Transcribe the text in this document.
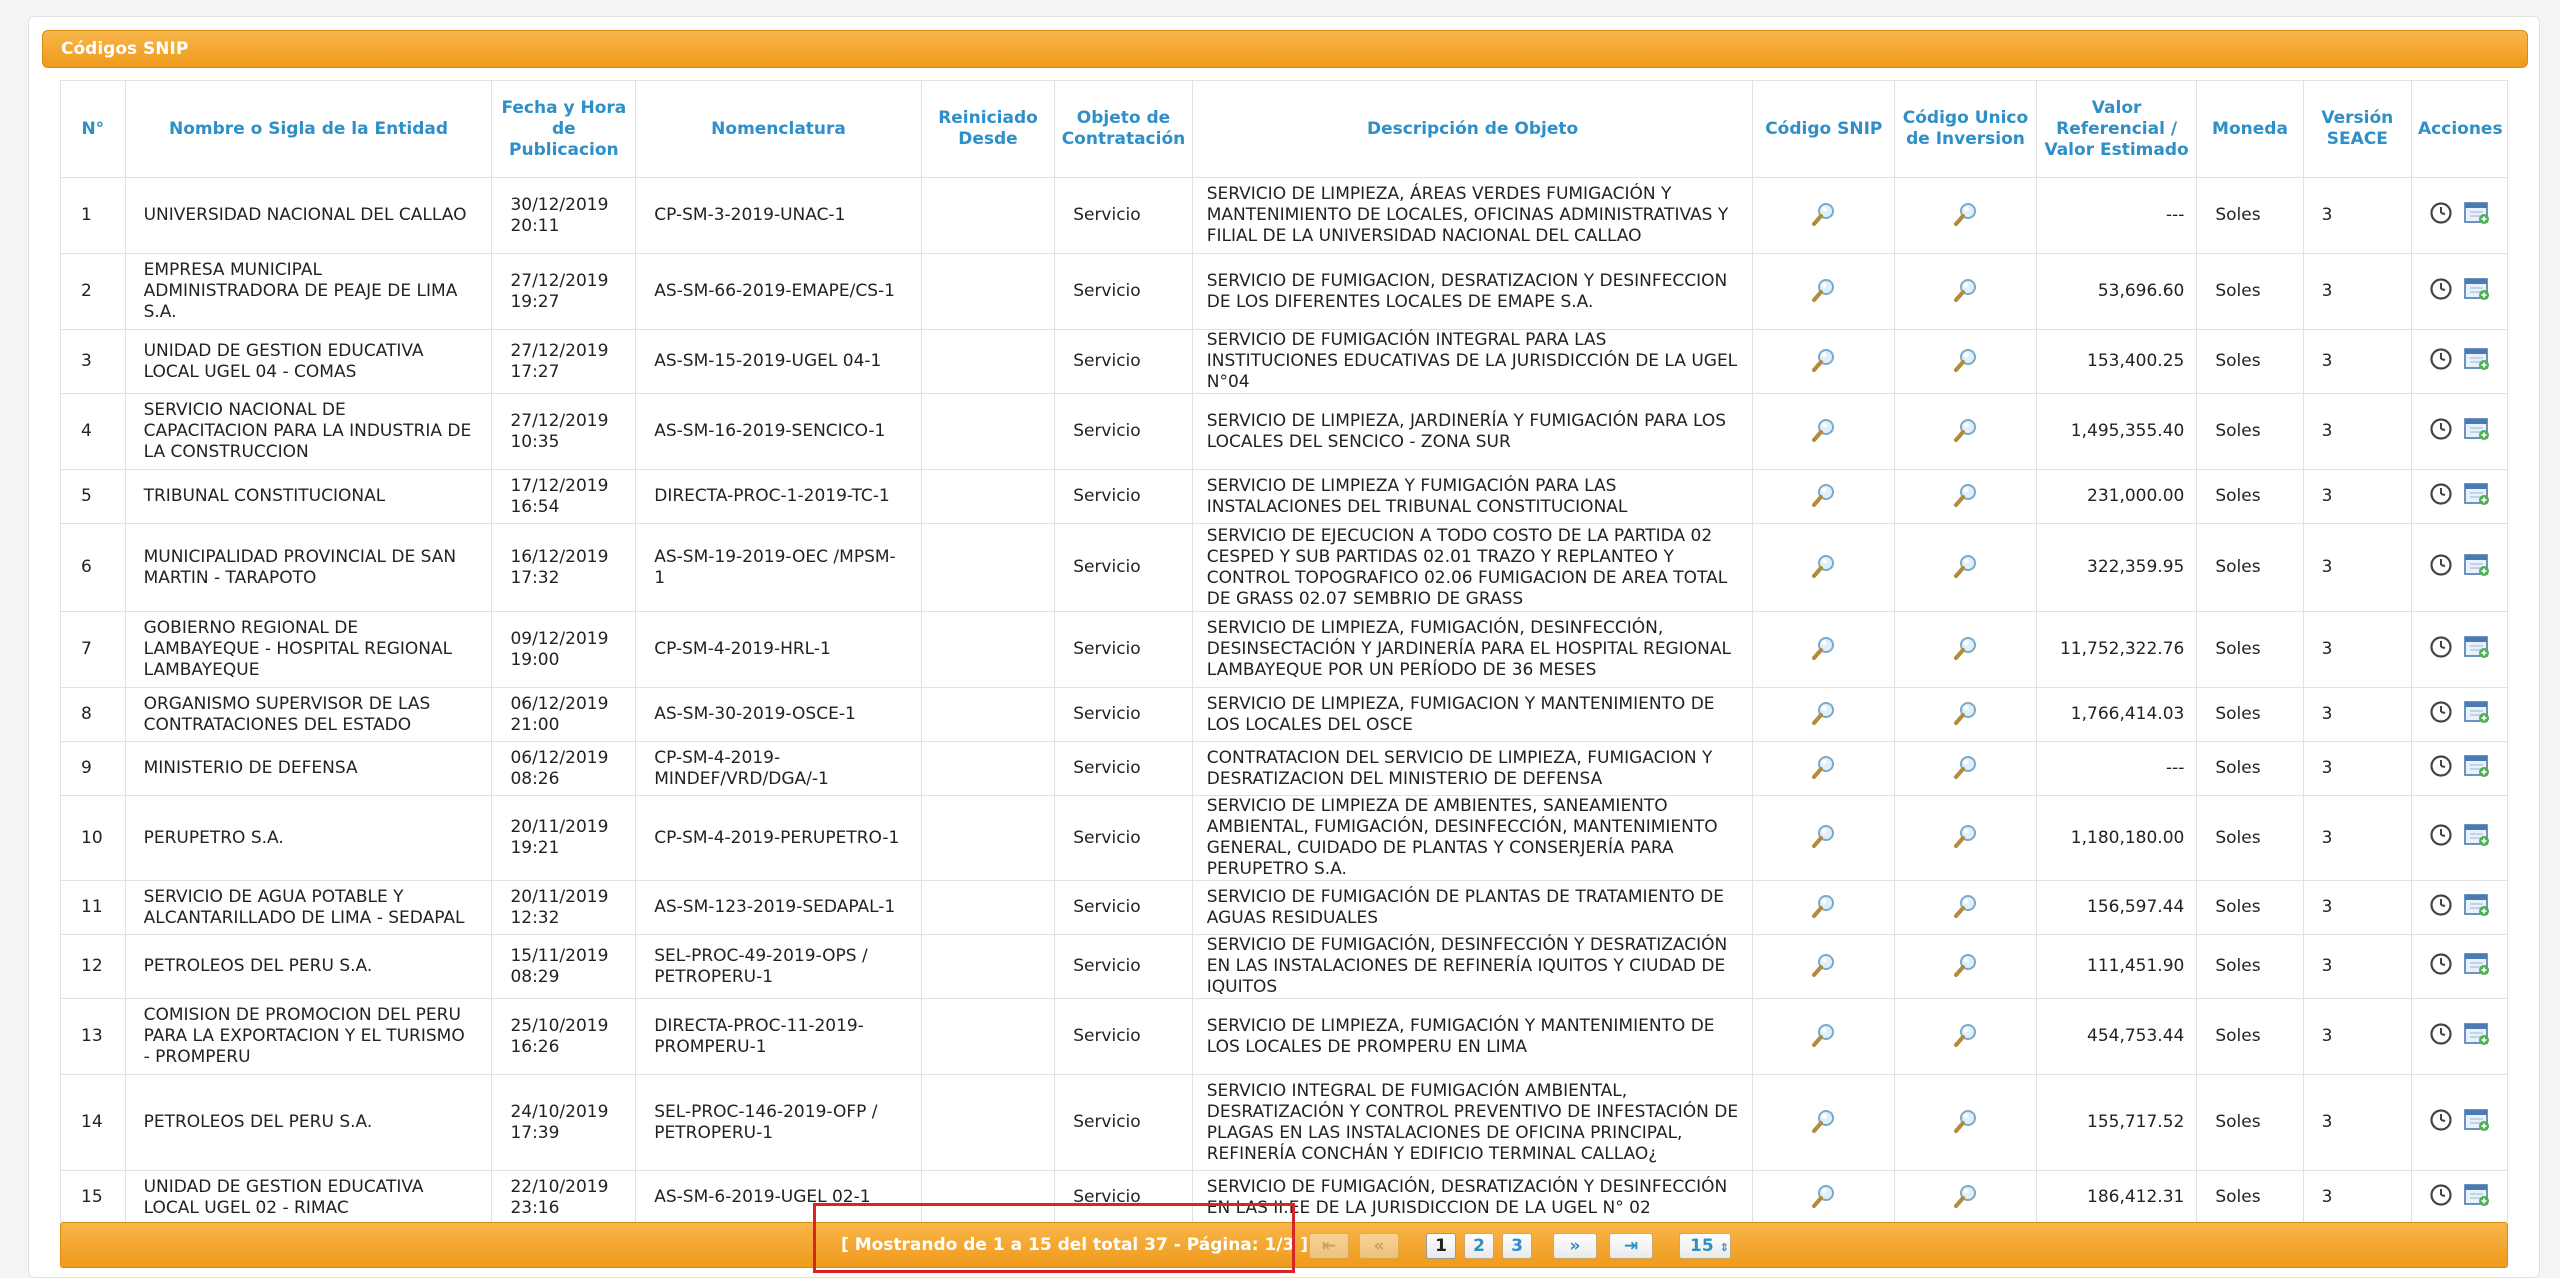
Códigos SNIP
N°	Nombre o Sigla de la Entidad	Fecha y Hora de Publicacion	Nomenclatura	Reiniciado Desde	Objeto de Contratación	Descripción de Objeto	Código SNIP	Código Unico de Inversion	Valor Referencial / Valor Estimado	Moneda	Versión SEACE	Acciones
1	UNIVERSIDAD NACIONAL DEL CALLAO	30/12/2019 20:11	CP-SM-3-2019-UNAC-1		Servicio	SERVICIO DE LIMPIEZA, ÁREAS VERDES FUMIGACIÓN Y MANTENIMIENTO DE LOCALES, OFICINAS ADMINISTRATIVAS Y FILIAL DE LA UNIVERSIDAD NACIONAL DEL CALLAO			---	Soles	3	
2	EMPRESA MUNICIPAL ADMINISTRADORA DE PEAJE DE LIMA S.A.	27/12/2019 19:27	AS-SM-66-2019-EMAPE/CS-1		Servicio	SERVICIO DE FUMIGACION, DESRATIZACION Y DESINFECCION DE LOS DIFERENTES LOCALES DE EMAPE S.A.			53,696.60	Soles	3	
3	UNIDAD DE GESTION EDUCATIVA LOCAL UGEL 04 - COMAS	27/12/2019 17:27	AS-SM-15-2019-UGEL 04-1		Servicio	SERVICIO DE FUMIGACIÓN INTEGRAL PARA LAS INSTITUCIONES EDUCATIVAS DE LA JURISDICCIÓN DE LA UGEL N°04			153,400.25	Soles	3	
4	SERVICIO NACIONAL DE CAPACITACION PARA LA INDUSTRIA DE LA CONSTRUCCION	27/12/2019 10:35	AS-SM-16-2019-SENCICO-1		Servicio	SERVICIO DE LIMPIEZA, JARDINERÍA Y FUMIGACIÓN PARA LOS LOCALES DEL SENCICO - ZONA SUR			1,495,355.40	Soles	3	
5	TRIBUNAL CONSTITUCIONAL	17/12/2019 16:54	DIRECTA-PROC-1-2019-TC-1		Servicio	SERVICIO DE LIMPIEZA Y FUMIGACIÓN PARA LAS INSTALACIONES DEL TRIBUNAL CONSTITUCIONAL			231,000.00	Soles	3	
6	MUNICIPALIDAD PROVINCIAL DE SAN MARTIN - TARAPOTO	16/12/2019 17:32	AS-SM-19-2019-OEC /MPSM-1		Servicio	SERVICIO DE EJECUCION A TODO COSTO DE LA PARTIDA 02 CESPED Y SUB PARTIDAS 02.01 TRAZO Y REPLANTEO Y CONTROL TOPOGRAFICO 02.06 FUMIGACION DE AREA TOTAL DE GRASS 02.07 SEMBRIO DE GRASS			322,359.95	Soles	3	
7	GOBIERNO REGIONAL DE LAMBAYEQUE - HOSPITAL REGIONAL LAMBAYEQUE	09/12/2019 19:00	CP-SM-4-2019-HRL-1		Servicio	SERVICIO DE LIMPIEZA, FUMIGACIÓN, DESINFECCIÓN, DESINSECTACIÓN Y JARDINERÍA PARA EL HOSPITAL REGIONAL LAMBAYEQUE POR UN PERÍODO DE 36 MESES			11,752,322.76	Soles	3	
8	ORGANISMO SUPERVISOR DE LAS CONTRATACIONES DEL ESTADO	06/12/2019 21:00	AS-SM-30-2019-OSCE-1		Servicio	SERVICIO DE LIMPIEZA, FUMIGACION Y MANTENIMIENTO DE LOS LOCALES DEL OSCE			1,766,414.03	Soles	3	
9	MINISTERIO DE DEFENSA	06/12/2019 08:26	CP-SM-4-2019-MINDEF/VRD/DGA/-1		Servicio	CONTRATACION DEL SERVICIO DE LIMPIEZA, FUMIGACION Y DESRATIZACION DEL MINISTERIO DE DEFENSA			---	Soles	3	
10	PERUPETRO S.A.	20/11/2019 19:21	CP-SM-4-2019-PERUPETRO-1		Servicio	SERVICIO DE LIMPIEZA DE AMBIENTES, SANEAMIENTO AMBIENTAL, FUMIGACIÓN, DESINFECCIÓN, MANTENIMIENTO GENERAL, CUIDADO DE PLANTAS Y CONSERJERÍA PARA PERUPETRO S.A.			1,180,180.00	Soles	3	
11	SERVICIO DE AGUA POTABLE Y ALCANTARILLADO DE LIMA - SEDAPAL	20/11/2019 12:32	AS-SM-123-2019-SEDAPAL-1		Servicio	SERVICIO DE FUMIGACIÓN DE PLANTAS DE TRATAMIENTO DE AGUAS RESIDUALES			156,597.44	Soles	3	
12	PETROLEOS DEL PERU S.A.	15/11/2019 08:29	SEL-PROC-49-2019-OPS / PETROPERU-1		Servicio	SERVICIO DE FUMIGACIÓN, DESINFECCIÓN Y DESRATIZACIÓN EN LAS INSTALACIONES DE REFINERÍA IQUITOS Y CIUDAD DE IQUITOS			111,451.90	Soles	3	
13	COMISION DE PROMOCION DEL PERU PARA LA EXPORTACION Y EL TURISMO - PROMPERU	25/10/2019 16:26	DIRECTA-PROC-11-2019-PROMPERU-1		Servicio	SERVICIO DE LIMPIEZA, FUMIGACIÓN Y MANTENIMIENTO DE LOS LOCALES DE PROMPERU EN LIMA			454,753.44	Soles	3	
14	PETROLEOS DEL PERU S.A.	24/10/2019 17:39	SEL-PROC-146-2019-OFP / PETROPERU-1		Servicio	SERVICIO INTEGRAL DE FUMIGACIÓN AMBIENTAL, DESRATIZACIÓN Y CONTROL PREVENTIVO DE INFESTACIÓN DE PLAGAS EN LAS INSTALACIONES DE OFICINA PRINCIPAL, REFINERÍA CONCHÁN Y EDIFICIO TERMINAL CALLAO¿			155,717.52	Soles	3	
15	UNIDAD DE GESTION EDUCATIVA LOCAL UGEL 02 - RIMAC	22/10/2019 23:16	AS-SM-6-2019-UGEL 02-1		Servicio	SERVICIO DE FUMIGACIÓN, DESRATIZACIÓN Y DESINFECCIÓN EN LAS II.EE DE LA JURISDICCION DE LA UGEL N° 02			186,412.31	Soles	3	
[ Mostrando de 1 a 15 del total 37 - Página: 1/3 ] ⇤	«	1	2	3	»	⇥	15 ⇕
